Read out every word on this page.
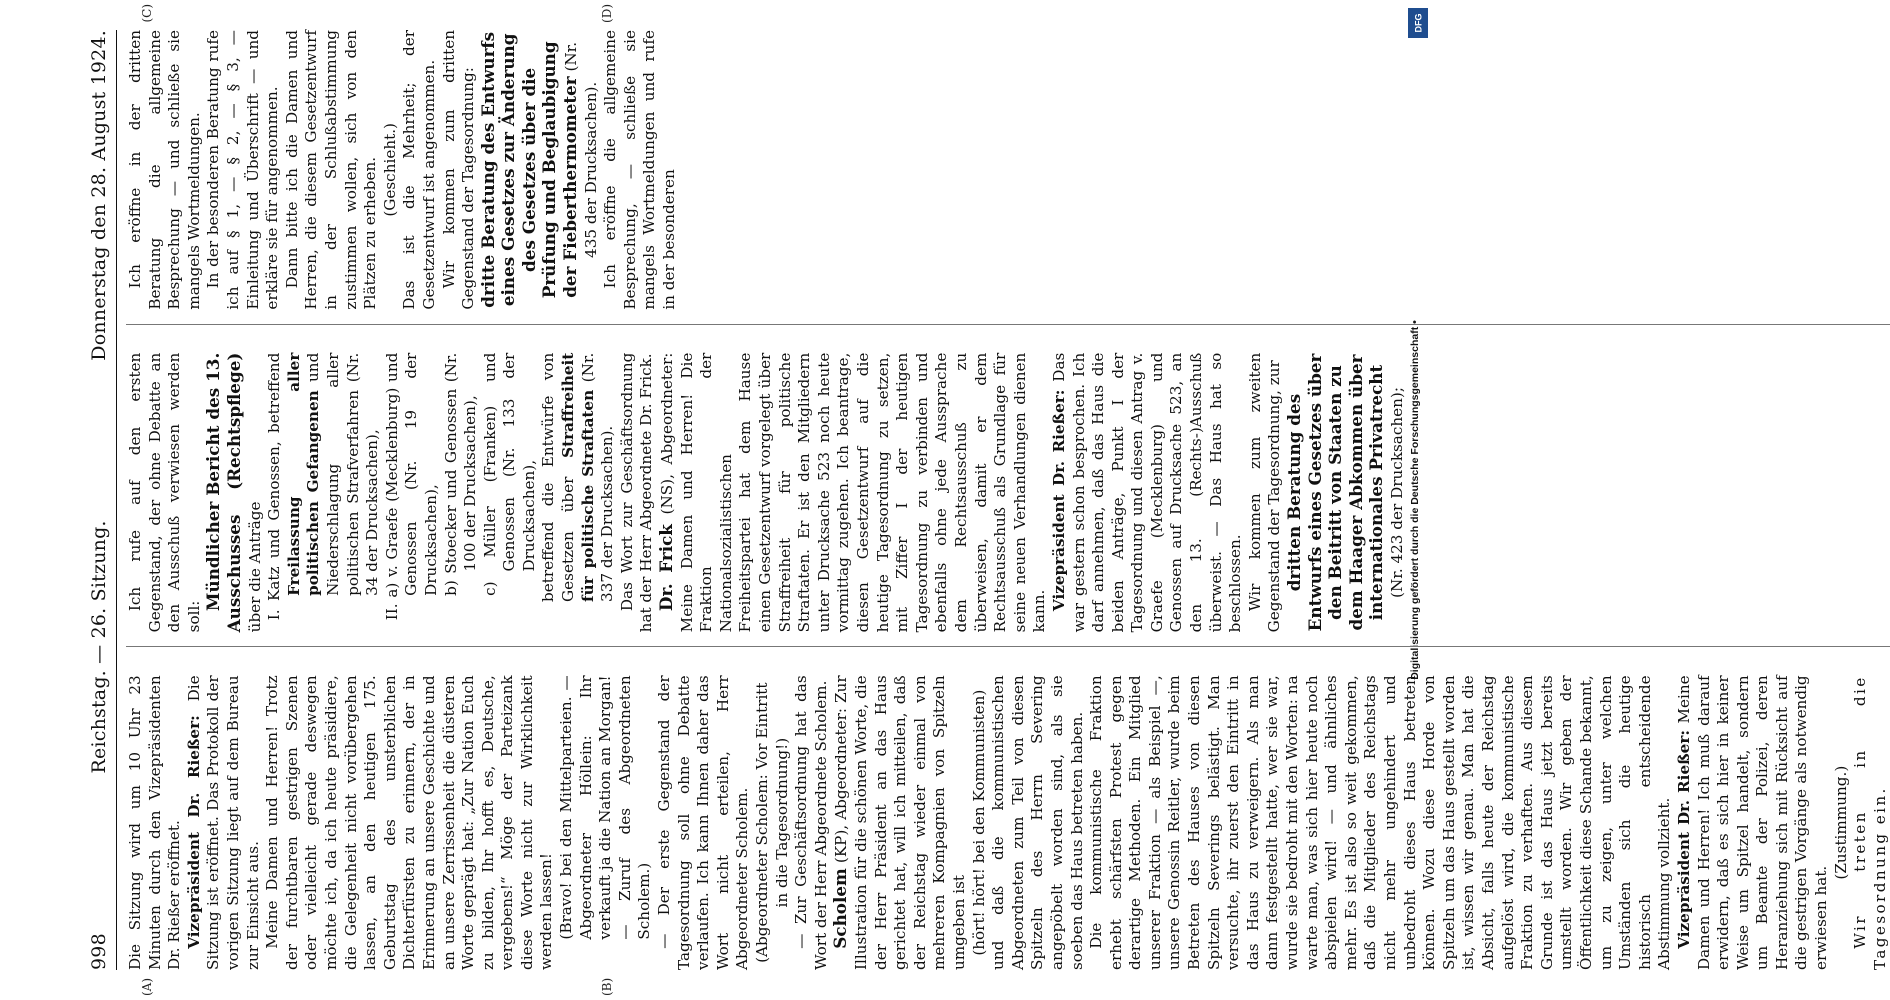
Digitalisierung gefördert durch die Deutsche Forschungsgemeinschaft •
DFG
998
Reichstag. — 26. Sitzung.
Donnerstag den 28. August 1924.
(A)	(B)
(C)	(D)

Die Sitzung wird um 10 Uhr 23 Minuten durch den Vizepräsidenten Dr. Rießer eröffnet. Vizepräsident Dr. Rießer: Die Sitzung ist eröffnet. Das Protokoll der vorigen Sitzung liegt auf dem Bureau zur Einsicht aus. Meine Damen und Herren! Trotz der furchtbaren gestrigen Szenen oder vielleicht gerade deswegen möchte ich, da ich heute präsidiere, die Gelegenheit nicht vorübergehen lassen, an den heutigen 175. Geburtstag des unsterblichen Dichterfürsten zu erinnern, der in Erinnerung an unsere Geschichte und an unsere Zerrissenheit die düsteren Worte geprägt hat: „Zur Nation Euch zu bilden, Ihr hofft es, Deutsche, vergebens!“ Möge der Parteizank diese Worte nicht zur Wirklichkeit werden lassen! (Bravo! bei den Mittelparteien. — Abgeordneter Höllein: Ihr verkauft ja die Nation an Morgan! — Zuruf des Abgeordneten Scholem.) — Der erste Gegenstand der Tagesordnung soll ohne Debatte verlaufen. Ich kann Ihnen daher das Wort nicht erteilen, Herr Abgeordneter Scholem. (Abgeordneter Scholem: Vor Eintritt in die Tagesordnung!) — Zur Geschäftsordnung hat das Wort der Herr Abgeordnete Scholem. Scholem (KP), Abgeordneter: Zur Illustration für die schönen Worte, die der Herr Präsident an das Haus gerichtet hat, will ich mitteilen, daß der Reichstag wieder einmal von mehreren Kompagnien von Spitzeln umgeben ist (hört! hört! bei den Kommunisten) und daß die kommunistischen Abgeordneten zum Teil von diesen Spitzeln des Herrn Severing angepöbelt worden sind, als sie soeben das Haus betreten haben. Die kommunistische Fraktion erhebt schärfsten Protest gegen derartige Methoden. Ein Mitglied unserer Fraktion — als Beispiel —, unsere Genossin Reitler, wurde beim Betreten des Hauses von diesen Spitzeln Severings belästigt. Man versuchte, ihr zuerst den Eintritt in das Haus zu verweigern. Als man dann festgestellt hatte, wer sie war, wurde sie bedroht mit den Worten: na warte man, was sich hier heute noch abspielen wird! — und ähnliches mehr. Es ist also so weit gekommen, daß die Mitglieder des Reichstags nicht mehr ungehindert und unbedroht dieses Haus betreten können. Wozu diese Horde von Spitzeln um das Haus gestellt worden ist, wissen wir genau. Man hat die Absicht, falls heute der Reichstag aufgelöst wird, die kommunistische Fraktion zu verhaften. Aus diesem Grunde ist das Haus jetzt bereits umstellt worden. Wir geben der Öffentlichkeit diese Schande bekannt, um zu zeigen, unter welchen Umständen sich die heutige historisch entscheidende Abstimmung vollzieht. Vizepräsident Dr. Rießer: Meine Damen und Herren! Ich muß darauf erwidern, daß es sich hier in keiner Weise um Spitzel handelt, sondern um Beamte der Polizei, deren Heranziehung sich mit Rücksicht auf die gestrigen Vorgänge als notwendig erwiesen hat.

(Zustimmung.) Wir treten in die Tagesordnung ein.

Ich rufe auf den ersten Gegenstand, der ohne Debatte an den Ausschuß verwiesen werden soll:

Mündlicher Bericht des 13. Ausschusses (Rechtspflege) über die Anträge I. Katz und Genossen, betreffend Freilassung aller politischen Gefangenen und Niederschlagung aller politischen Strafverfahren (Nr. 34 der Drucksachen), II. a) v. Graefe (Mecklenburg) und Genossen (Nr. 19 der Drucksachen), b) Stoecker und Genossen (Nr. 100 der Drucksachen), c) Müller (Franken) und Genossen (Nr. 133 der Drucksachen), betreffend die Entwürfe von Gesetzen über Straffreiheit für politische Straftaten (Nr. 337 der Drucksachen). Das Wort zur Geschäftsordnung hat der Herr Abgeordnete Dr. Frick. Dr. Frick (NS), Abgeordneter: Meine Damen und Herren! Die Fraktion der Nationalsozialistischen Freiheitspartei hat dem Hause einen Gesetzentwurf vorgelegt über Straffreiheit für politische Straftaten. Er ist den Mitgliedern unter Drucksache 523 noch heute vormittag zugehen. Ich beantrage, diesen Gesetzentwurf auf die heutige Tagesordnung zu setzen, mit Ziffer I der heutigen Tagesordnung zu verbinden und ebenfalls ohne jede Aussprache dem Rechtsausschuß zu überweisen, damit er dem Rechtsausschuß als Grundlage für seine neuen Verhandlungen dienen kann. Vizepräsident Dr. Rießer: Das war gestern schon besprochen. Ich darf annehmen, daß das Haus die beiden Anträge, Punkt I der Tagesordnung und diesen Antrag v. Graefe (Mecklenburg) und Genossen auf Drucksache 523, an den 13. (Rechts-)Ausschuß überweist. — Das Haus hat so beschlossen. Wir kommen zum zweiten Gegenstand der Tagesordnung, zur dritten Beratung des Entwurfs eines Gesetzes über den Beitritt von Staaten zu dem Haager Abkommen über internationales Privatrecht (Nr. 423 der Drucksachen);

Ich eröffne in der dritten Beratung die allgemeine Besprechung — und schließe sie mangels Wortmeldungen. In der besonderen Beratung rufe ich auf § 1, — § 2, — § 3, — Einleitung und Überschrift — und erkläre sie für angenommen. Dann bitte ich die Damen und Herren, die diesem Gesetzentwurf in der Schlußabstimmung zustimmen wollen, sich von den Plätzen zu erheben. (Geschieht.) Das ist die Mehrheit; der Gesetzentwurf ist angenommen. Wir kommen zum dritten Gegenstand der Tagesordnung: dritte Beratung des Entwurfs eines Gesetzes zur Änderung des Gesetzes über die Prüfung und Beglaubigung der Fieberthermometer (Nr. 435 der Drucksachen). Ich eröffne die allgemeine Besprechung, — schließe sie mangels Wortmeldungen und rufe in der besonderen
